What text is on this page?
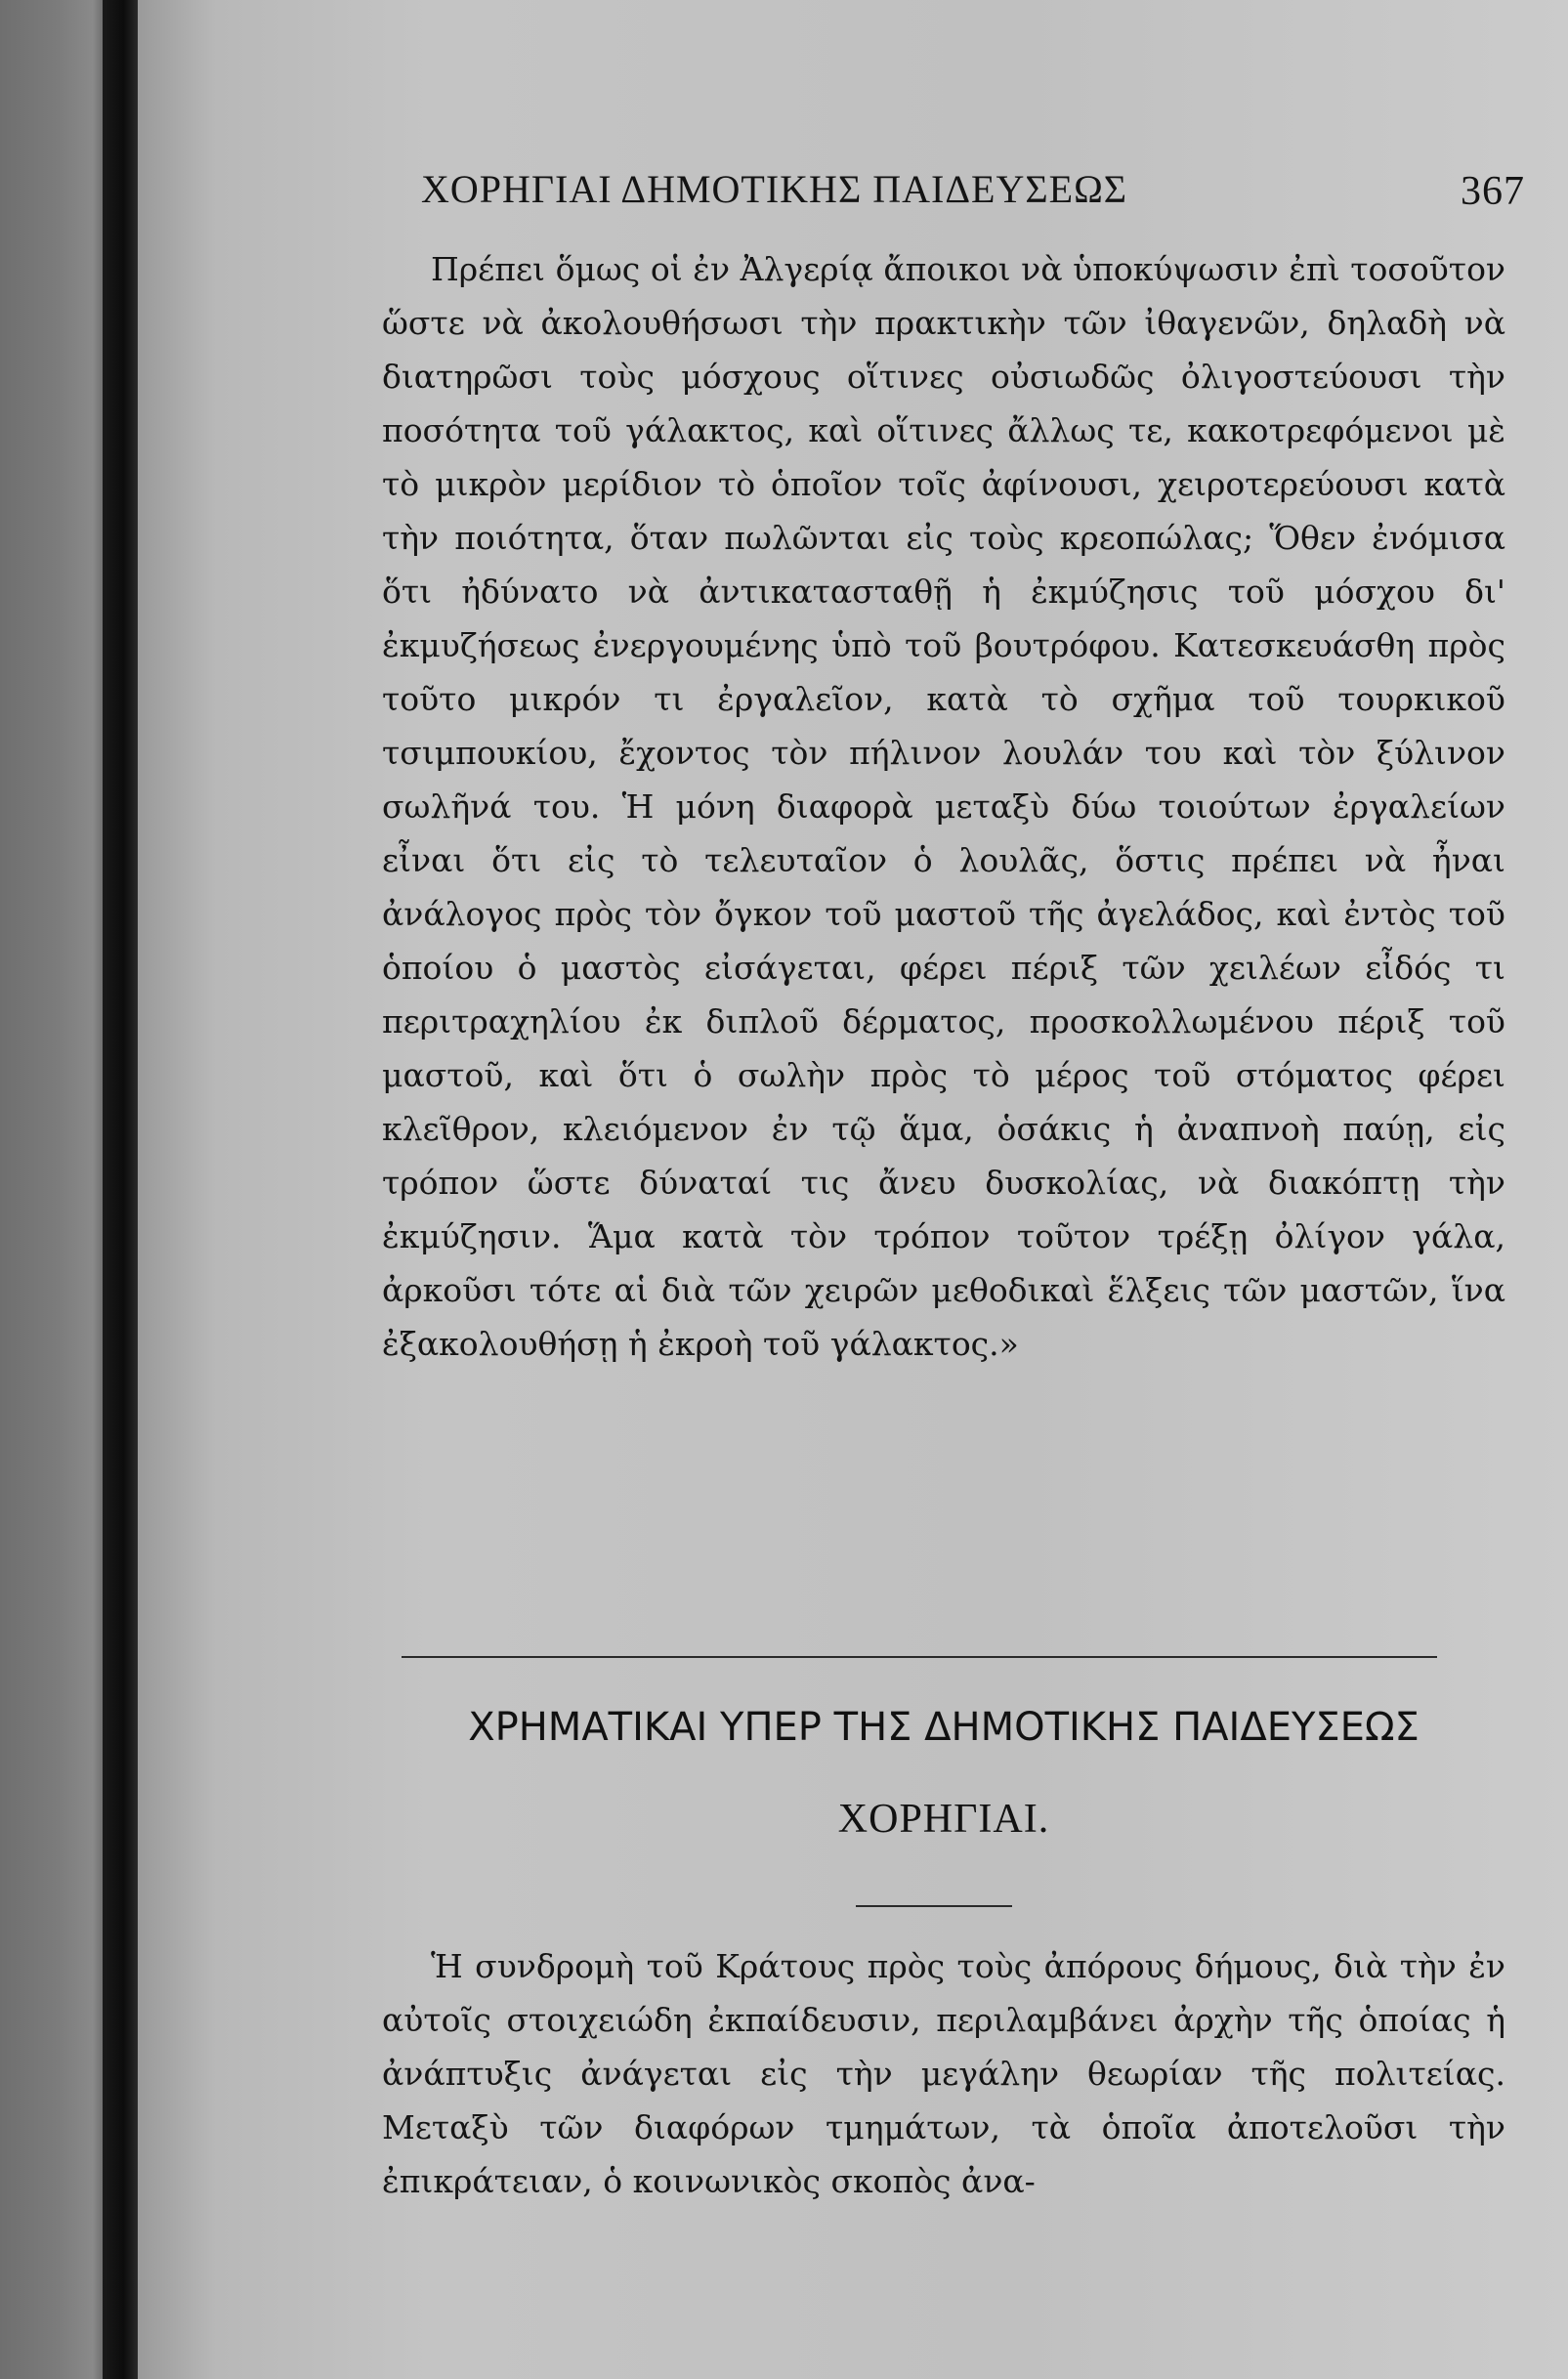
ΧΟΡΗΓΙΑΙ ΔΗΜΟΤΙΚΗΣ ΠΑΙΔΕΥΣΕΩΣ	367

Πρέπει ὅμως οἱ ἐν Ἀλγερίᾳ ἄποικοι νὰ ὑποκύψωσιν ἐπὶ τοσοῦτον ὥστε νὰ ἀκολουθήσωσι τὴν πρακτικὴν τῶν ἰθαγενῶν, δηλαδὴ νὰ διατηρῶσι τοὺς μόσχους οἵτινες οὐσιωδῶς ὀλιγοστεύουσι τὴν ποσότητα τοῦ γάλακτος, καὶ οἵτινες ἄλλως τε, κακοτρεφόμενοι μὲ τὸ μικρὸν μερίδιον τὸ ὁποῖον τοῖς ἀφίνουσι, χειροτερεύουσι κατὰ τὴν ποιότητα, ὅταν πωλῶνται εἰς τοὺς κρεοπώλας; Ὅθεν ἐνόμισα ὅτι ἠδύνατο νὰ ἀντικατασταθῇ ἡ ἐκμύζησις τοῦ μόσχου δι' ἐκμυζήσεως ἐνεργουμένης ὑπὸ τοῦ βουτρόφου. Κατεσκευάσθη πρὸς τοῦτο μικρόν τι ἐργαλεῖον, κατὰ τὸ σχῆμα τοῦ τουρκικοῦ τσιμπουκίου, ἔχοντος τὸν πήλινον λουλάν του καὶ τὸν ξύλινον σωλῆνά του. Ἡ μόνη διαφορὰ μεταξὺ δύω τοιούτων ἐργαλείων εἶναι ὅτι εἰς τὸ τελευταῖον ὁ λουλᾶς, ὅστις πρέπει νὰ ἦναι ἀνάλογος πρὸς τὸν ὄγκον τοῦ μαστοῦ τῆς ἀγελάδος, καὶ ἐντὸς τοῦ ὁποίου ὁ μαστὸς εἰσάγεται, φέρει πέριξ τῶν χειλέων εἶδός τι περιτραχηλίου ἐκ διπλοῦ δέρματος, προσκολλωμένου πέριξ τοῦ μαστοῦ, καὶ ὅτι ὁ σωλὴν πρὸς τὸ μέρος τοῦ στόματος φέρει κλεῖθρον, κλειόμενον ἐν τῷ ἅμα, ὁσάκις ἡ ἀναπνοὴ παύῃ, εἰς τρόπον ὥστε δύναταί τις ἄνευ δυσκολίας, νὰ διακόπτῃ τὴν ἐκμύζησιν. Ἅμα κατὰ τὸν τρόπον τοῦτον τρέξῃ ὀλίγον γάλα, ἀρκοῦσι τότε αἱ διὰ τῶν χειρῶν μεθοδικαὶ ἕλξεις τῶν μαστῶν, ἵνα ἐξακολουθήσῃ ἡ ἐκροὴ τοῦ γάλακτος.»

ΧΡΗΜΑΤΙΚΑΙ ΥΠΕΡ ΤΗΣ ΔΗΜΟΤΙΚΗΣ ΠΑΙΔΕΥΣΕΩΣ
ΧΟΡΗΓΙΑΙ.

Ἡ συνδρομὴ τοῦ Κράτους πρὸς τοὺς ἀπόρους δήμους, διὰ τὴν ἐν αὐτοῖς στοιχειώδη ἐκπαίδευσιν, περιλαμβάνει ἀρχὴν τῆς ὁποίας ἡ ἀνάπτυξις ἀνάγεται εἰς τὴν μεγάλην θεωρίαν τῆς πολιτείας. Μεταξὺ τῶν διαφόρων τμημάτων, τὰ ὁποῖα ἀποτελοῦσι τὴν ἐπικράτειαν, ὁ κοινωνικὸς σκοπὸς ἀνα-
